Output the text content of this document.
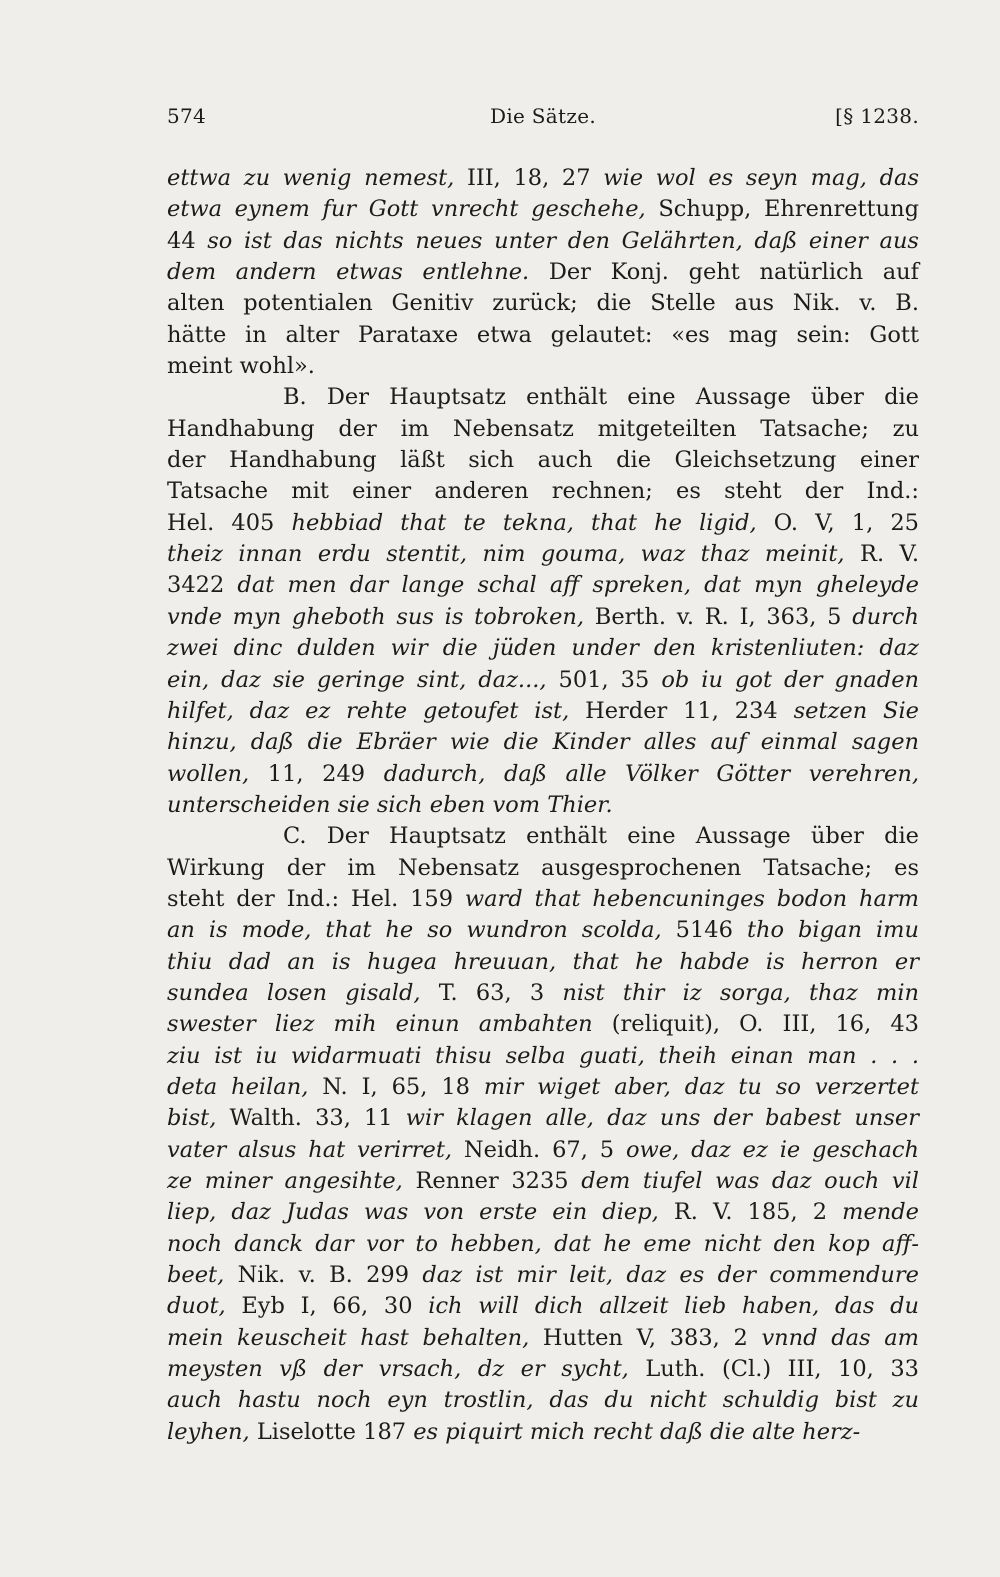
574	Die Sätze.	[§ 1238.
ettwa zu wenig nemest, III, 18, 27 wie wol es seyn mag, das
etwa eynem fur Gott vnrecht geschehe, Schupp, Ehrenrettung
44 so ist das nichts neues unter den Gelährten, daß einer aus
dem andern etwas entlehne. Der Konj. geht natürlich auf
alten potentialen Genitiv zurück; die Stelle aus Nik. v. B.
hätte in alter Parataxe etwa gelautet: «es mag sein: Gott
meint wohl».
B. Der Hauptsatz enthält eine Aussage über die
Handhabung der im Nebensatz mitgeteilten Tatsache; zu
der Handhabung läßt sich auch die Gleichsetzung einer
Tatsache mit einer anderen rechnen; es steht der Ind.:
Hel. 405 hebbiad that te tekna, that he ligid, O. V, 1, 25
theiz innan erdu stentit, nim gouma, waz thaz meinit, R. V.
3422 dat men dar lange schal aff spreken, dat myn gheleyde
vnde myn gheboth sus is tobroken, Berth. v. R. I, 363, 5 durch
zwei dinc dulden wir die jüden under den kristenliuten: daz
ein, daz sie geringe sint, daz..., 501, 35 ob iu got der gnaden
hilfet, daz ez rehte getoufet ist, Herder 11, 234 setzen Sie
hinzu, daß die Ebräer wie die Kinder alles auf einmal sagen
wollen, 11, 249 dadurch, daß alle Völker Götter verehren,
unterscheiden sie sich eben vom Thier.
C. Der Hauptsatz enthält eine Aussage über die
Wirkung der im Nebensatz ausgesprochenen Tatsache; es
steht der Ind.: Hel. 159 ward that hebencuninges bodon harm
an is mode, that he so wundron scolda, 5146 tho bigan imu
thiu dad an is hugea hreuuan, that he habde is herron er
sundea losen gisald, T. 63, 3 nist thir iz sorga, thaz min
swester liez mih einun ambahten (reliquit), O. III, 16, 43
ziu ist iu widarmuati thisu selba guati, theih einan man . . .
deta heilan, N. I, 65, 18 mir wiget aber, daz tu so verzertet
bist, Walth. 33, 11 wir klagen alle, daz uns der babest unser
vater alsus hat verirret, Neidh. 67, 5 owe, daz ez ie geschach
ze miner angesihte, Renner 3235 dem tiufel was daz ouch vil
liep, daz Judas was von erste ein diep, R. V. 185, 2 mende
noch danck dar vor to hebben, dat he eme nicht den kop aff-
beet, Nik. v. B. 299 daz ist mir leit, daz es der commendure
duot, Eyb I, 66, 30 ich will dich allzeit lieb haben, das du
mein keuscheit hast behalten, Hutten V, 383, 2 vnnd das am
meysten vß der vrsach, dz er sycht, Luth. (Cl.) III, 10, 33
auch hastu noch eyn trostlin, das du nicht schuldig bist zu
leyhen, Liselotte 187 es piquirt mich recht daß die alte herz-
